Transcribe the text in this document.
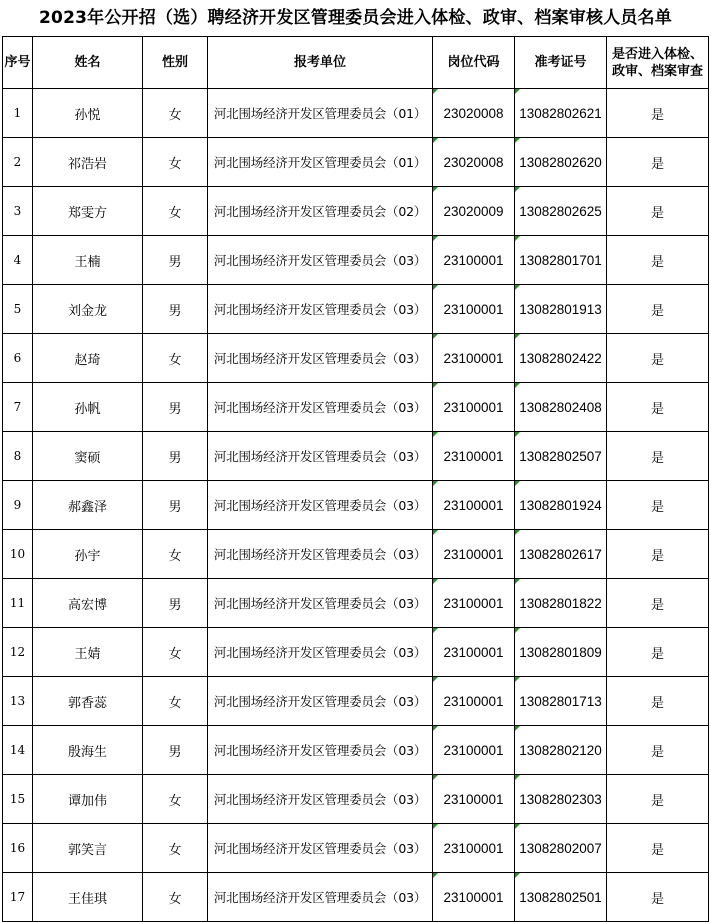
2023年公开招（选）聘经济开发区管理委员会进入体检、政审、档案审核人员名单
序号	姓名	性别	报考单位	岗位代码	准考证号	是否进入体检、政审、档案审查
1	孙悦	女	河北围场经济开发区管理委员会（01）	23020008	13082802621	是
2	祁浩岩	女	河北围场经济开发区管理委员会（01）	23020008	13082802620	是
3	郑雯方	女	河北围场经济开发区管理委员会（02）	23020009	13082802625	是
4	王楠	男	河北围场经济开发区管理委员会（03）	23100001	13082801701	是
5	刘金龙	男	河北围场经济开发区管理委员会（03）	23100001	13082801913	是
6	赵琦	女	河北围场经济开发区管理委员会（03）	23100001	13082802422	是
7	孙帆	男	河北围场经济开发区管理委员会（03）	23100001	13082802408	是
8	窦硕	男	河北围场经济开发区管理委员会（03）	23100001	13082802507	是
9	郝鑫泽	男	河北围场经济开发区管理委员会（03）	23100001	13082801924	是
10	孙宇	女	河北围场经济开发区管理委员会（03）	23100001	13082802617	是
11	高宏博	男	河北围场经济开发区管理委员会（03）	23100001	13082801822	是
12	王婧	女	河北围场经济开发区管理委员会（03）	23100001	13082801809	是
13	郭香蕊	女	河北围场经济开发区管理委员会（03）	23100001	13082801713	是
14	殷海生	男	河北围场经济开发区管理委员会（03）	23100001	13082802120	是
15	谭加伟	女	河北围场经济开发区管理委员会（03）	23100001	13082802303	是
16	郭笑言	女	河北围场经济开发区管理委员会（03）	23100001	13082802007	是
17	王佳琪	女	河北围场经济开发区管理委员会（03）	23100001	13082802501	是
